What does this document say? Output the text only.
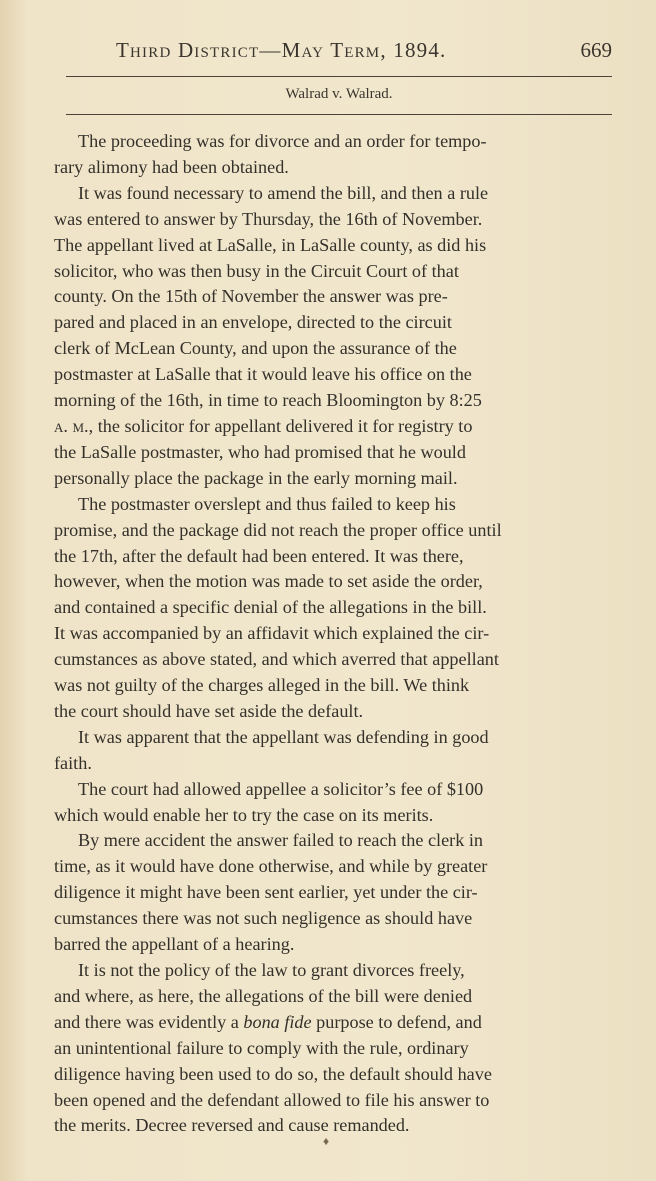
Third District—May Term, 1894.	669
Walrad v. Walrad.
The proceeding was for divorce and an order for tempo-
rary alimony had been obtained.
It was found necessary to amend the bill, and then a rule
was entered to answer by Thursday, the 16th of November.
The appellant lived at LaSalle, in LaSalle county, as did his
solicitor, who was then busy in the Circuit Court of that
county. On the 15th of November the answer was pre-
pared and placed in an envelope, directed to the circuit
clerk of McLean County, and upon the assurance of the
postmaster at LaSalle that it would leave his office on the
morning of the 16th, in time to reach Bloomington by 8:25
a. m., the solicitor for appellant delivered it for registry to
the LaSalle postmaster, who had promised that he would
personally place the package in the early morning mail.
The postmaster overslept and thus failed to keep his
promise, and the package did not reach the proper office until
the 17th, after the default had been entered. It was there,
however, when the motion was made to set aside the order,
and contained a specific denial of the allegations in the bill.
It was accompanied by an affidavit which explained the cir-
cumstances as above stated, and which averred that appellant
was not guilty of the charges alleged in the bill. We think
the court should have set aside the default.
It was apparent that the appellant was defending in good
faith.
The court had allowed appellee a solicitor’s fee of $100
which would enable her to try the case on its merits.
By mere accident the answer failed to reach the clerk in
time, as it would have done otherwise, and while by greater
diligence it might have been sent earlier, yet under the cir-
cumstances there was not such negligence as should have
barred the appellant of a hearing.
It is not the policy of the law to grant divorces freely,
and where, as here, the allegations of the bill were denied
and there was evidently a bona fide purpose to defend, and
an unintentional failure to comply with the rule, ordinary
diligence having been used to do so, the default should have
been opened and the defendant allowed to file his answer to
the merits. Decree reversed and cause remanded.
♦
